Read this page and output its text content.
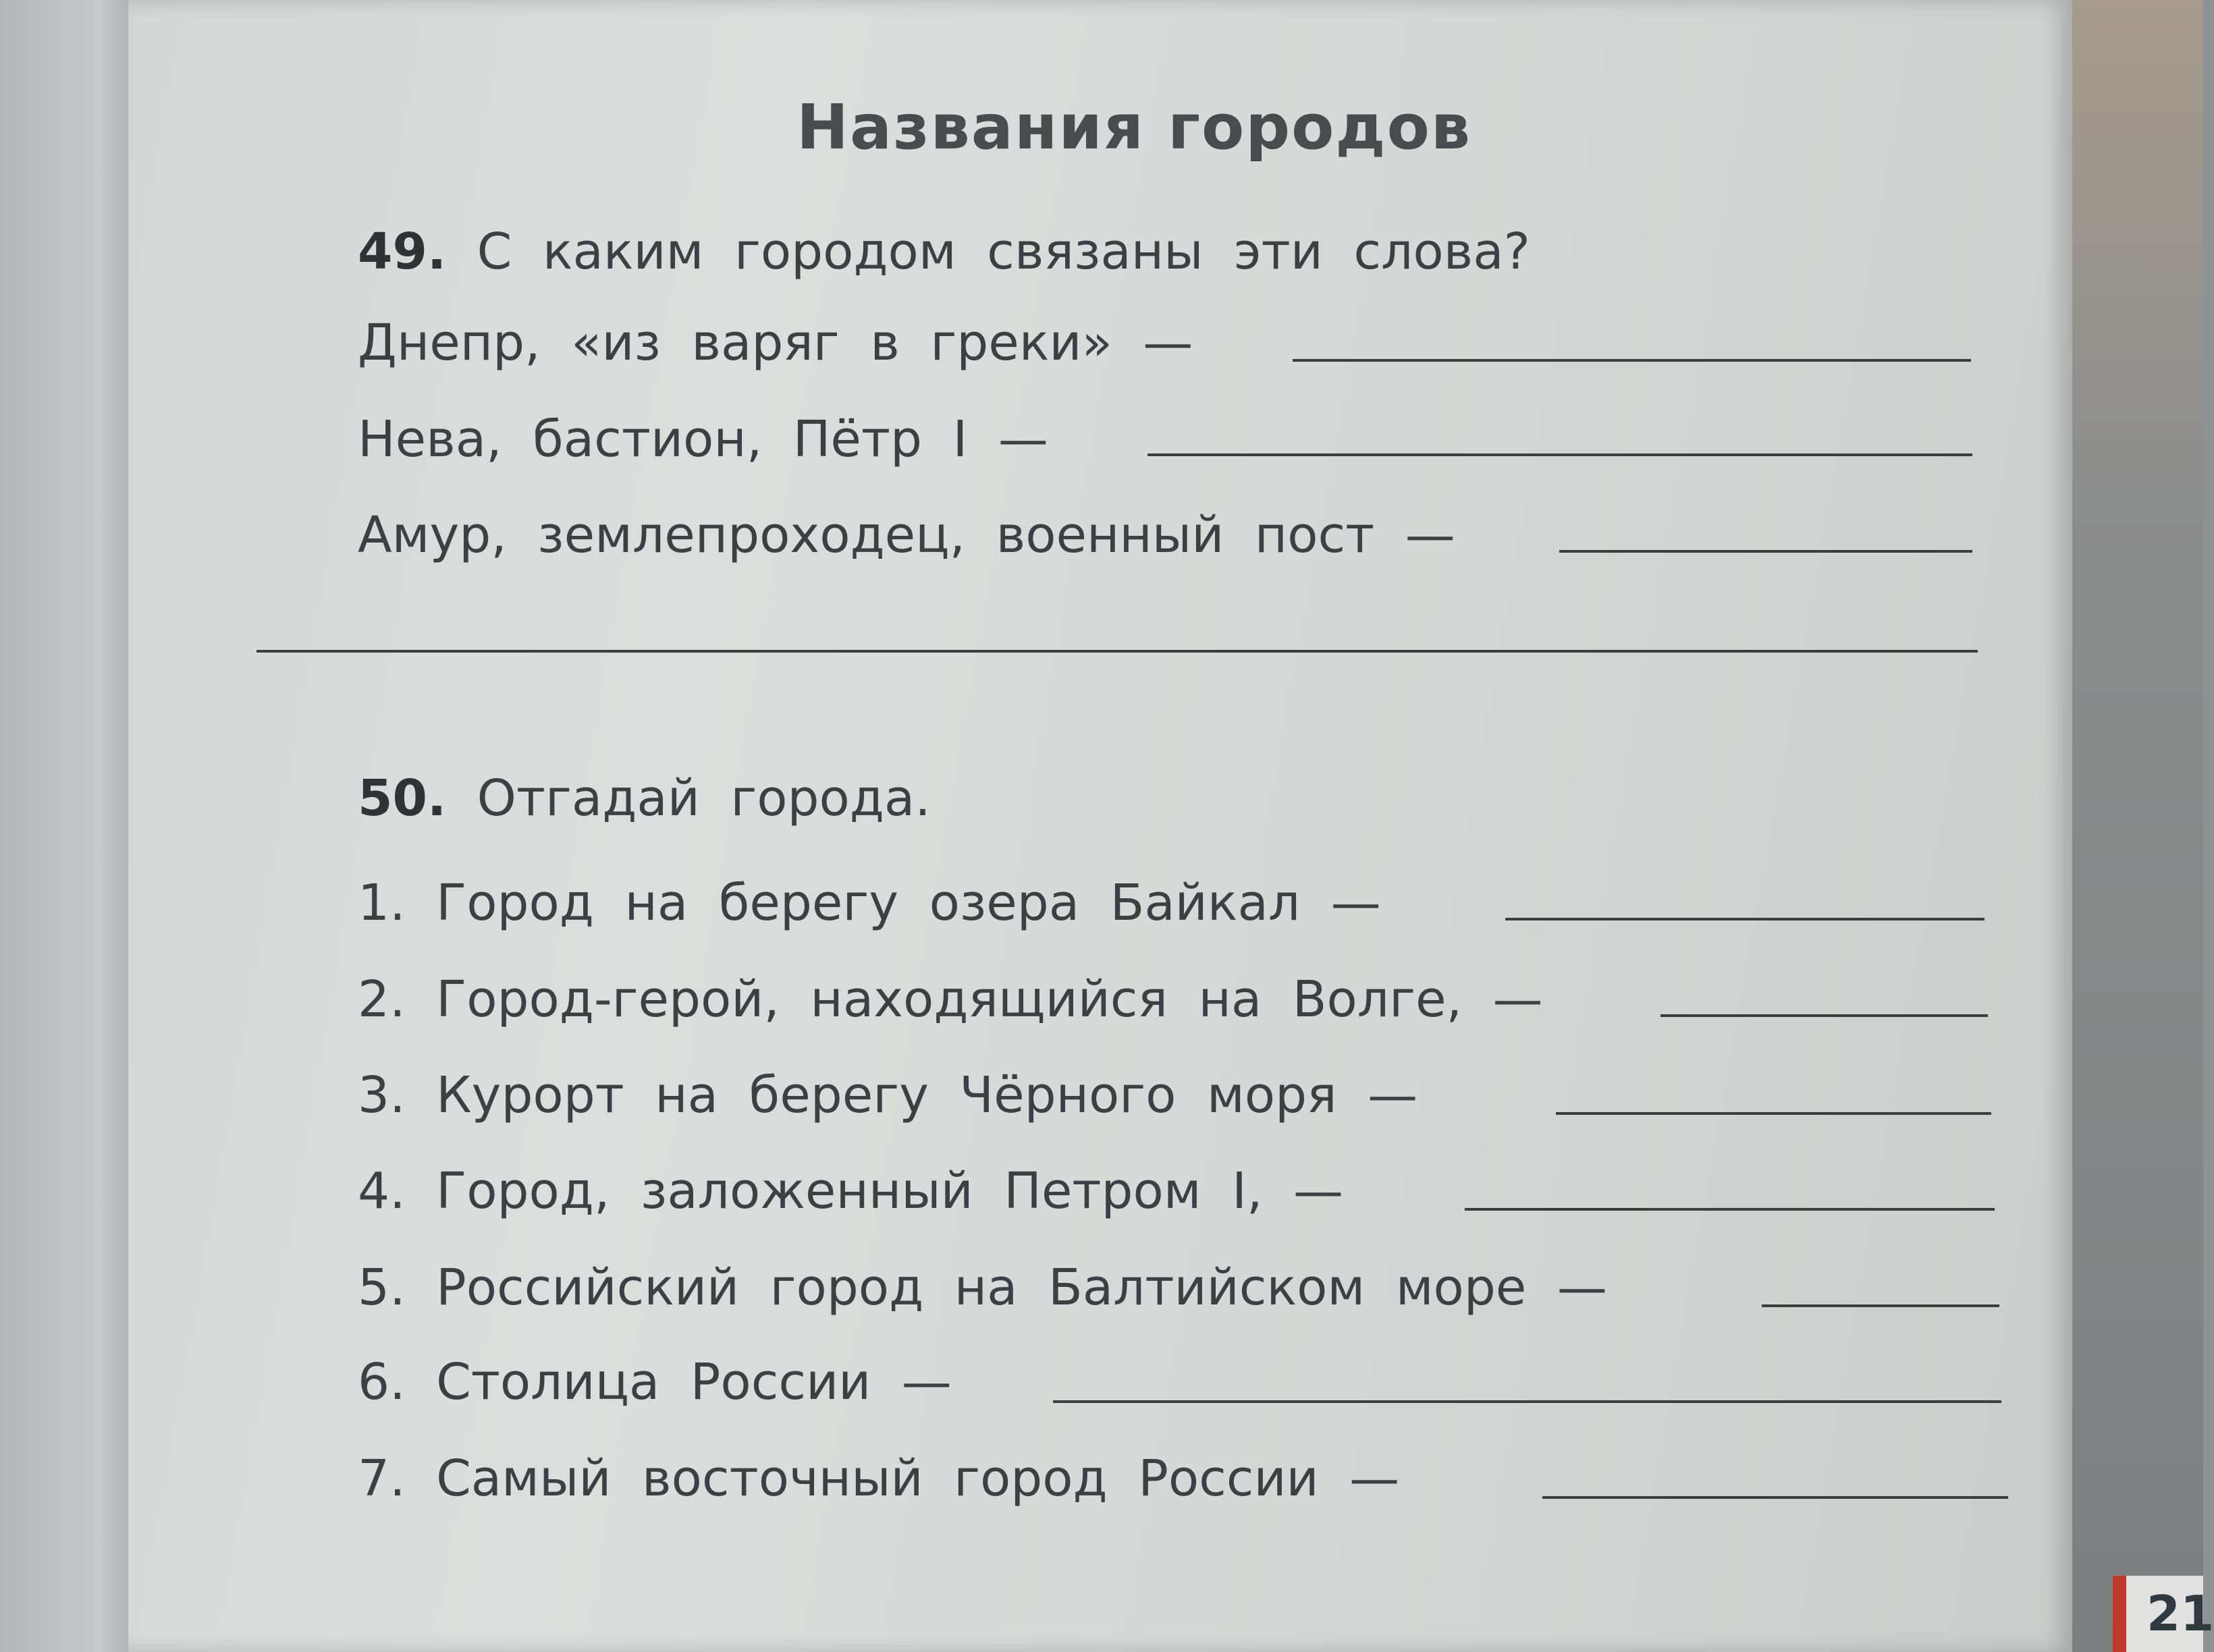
Названия городов
49. С каким городом связаны эти слова?
Днепр, «из варяг в греки» —
Нева, бастион, Пётр I —
Амур, землепроходец, военный пост —
50. Отгадай города.
1. Город на берегу озера Байкал —
2. Город-герой, находящийся на Волге, —
3. Курорт на берегу Чёрного моря —
4. Город, заложенный Петром I, —
5. Российский город на Балтийском море —
6. Столица России —
7. Самый восточный город России —
21
